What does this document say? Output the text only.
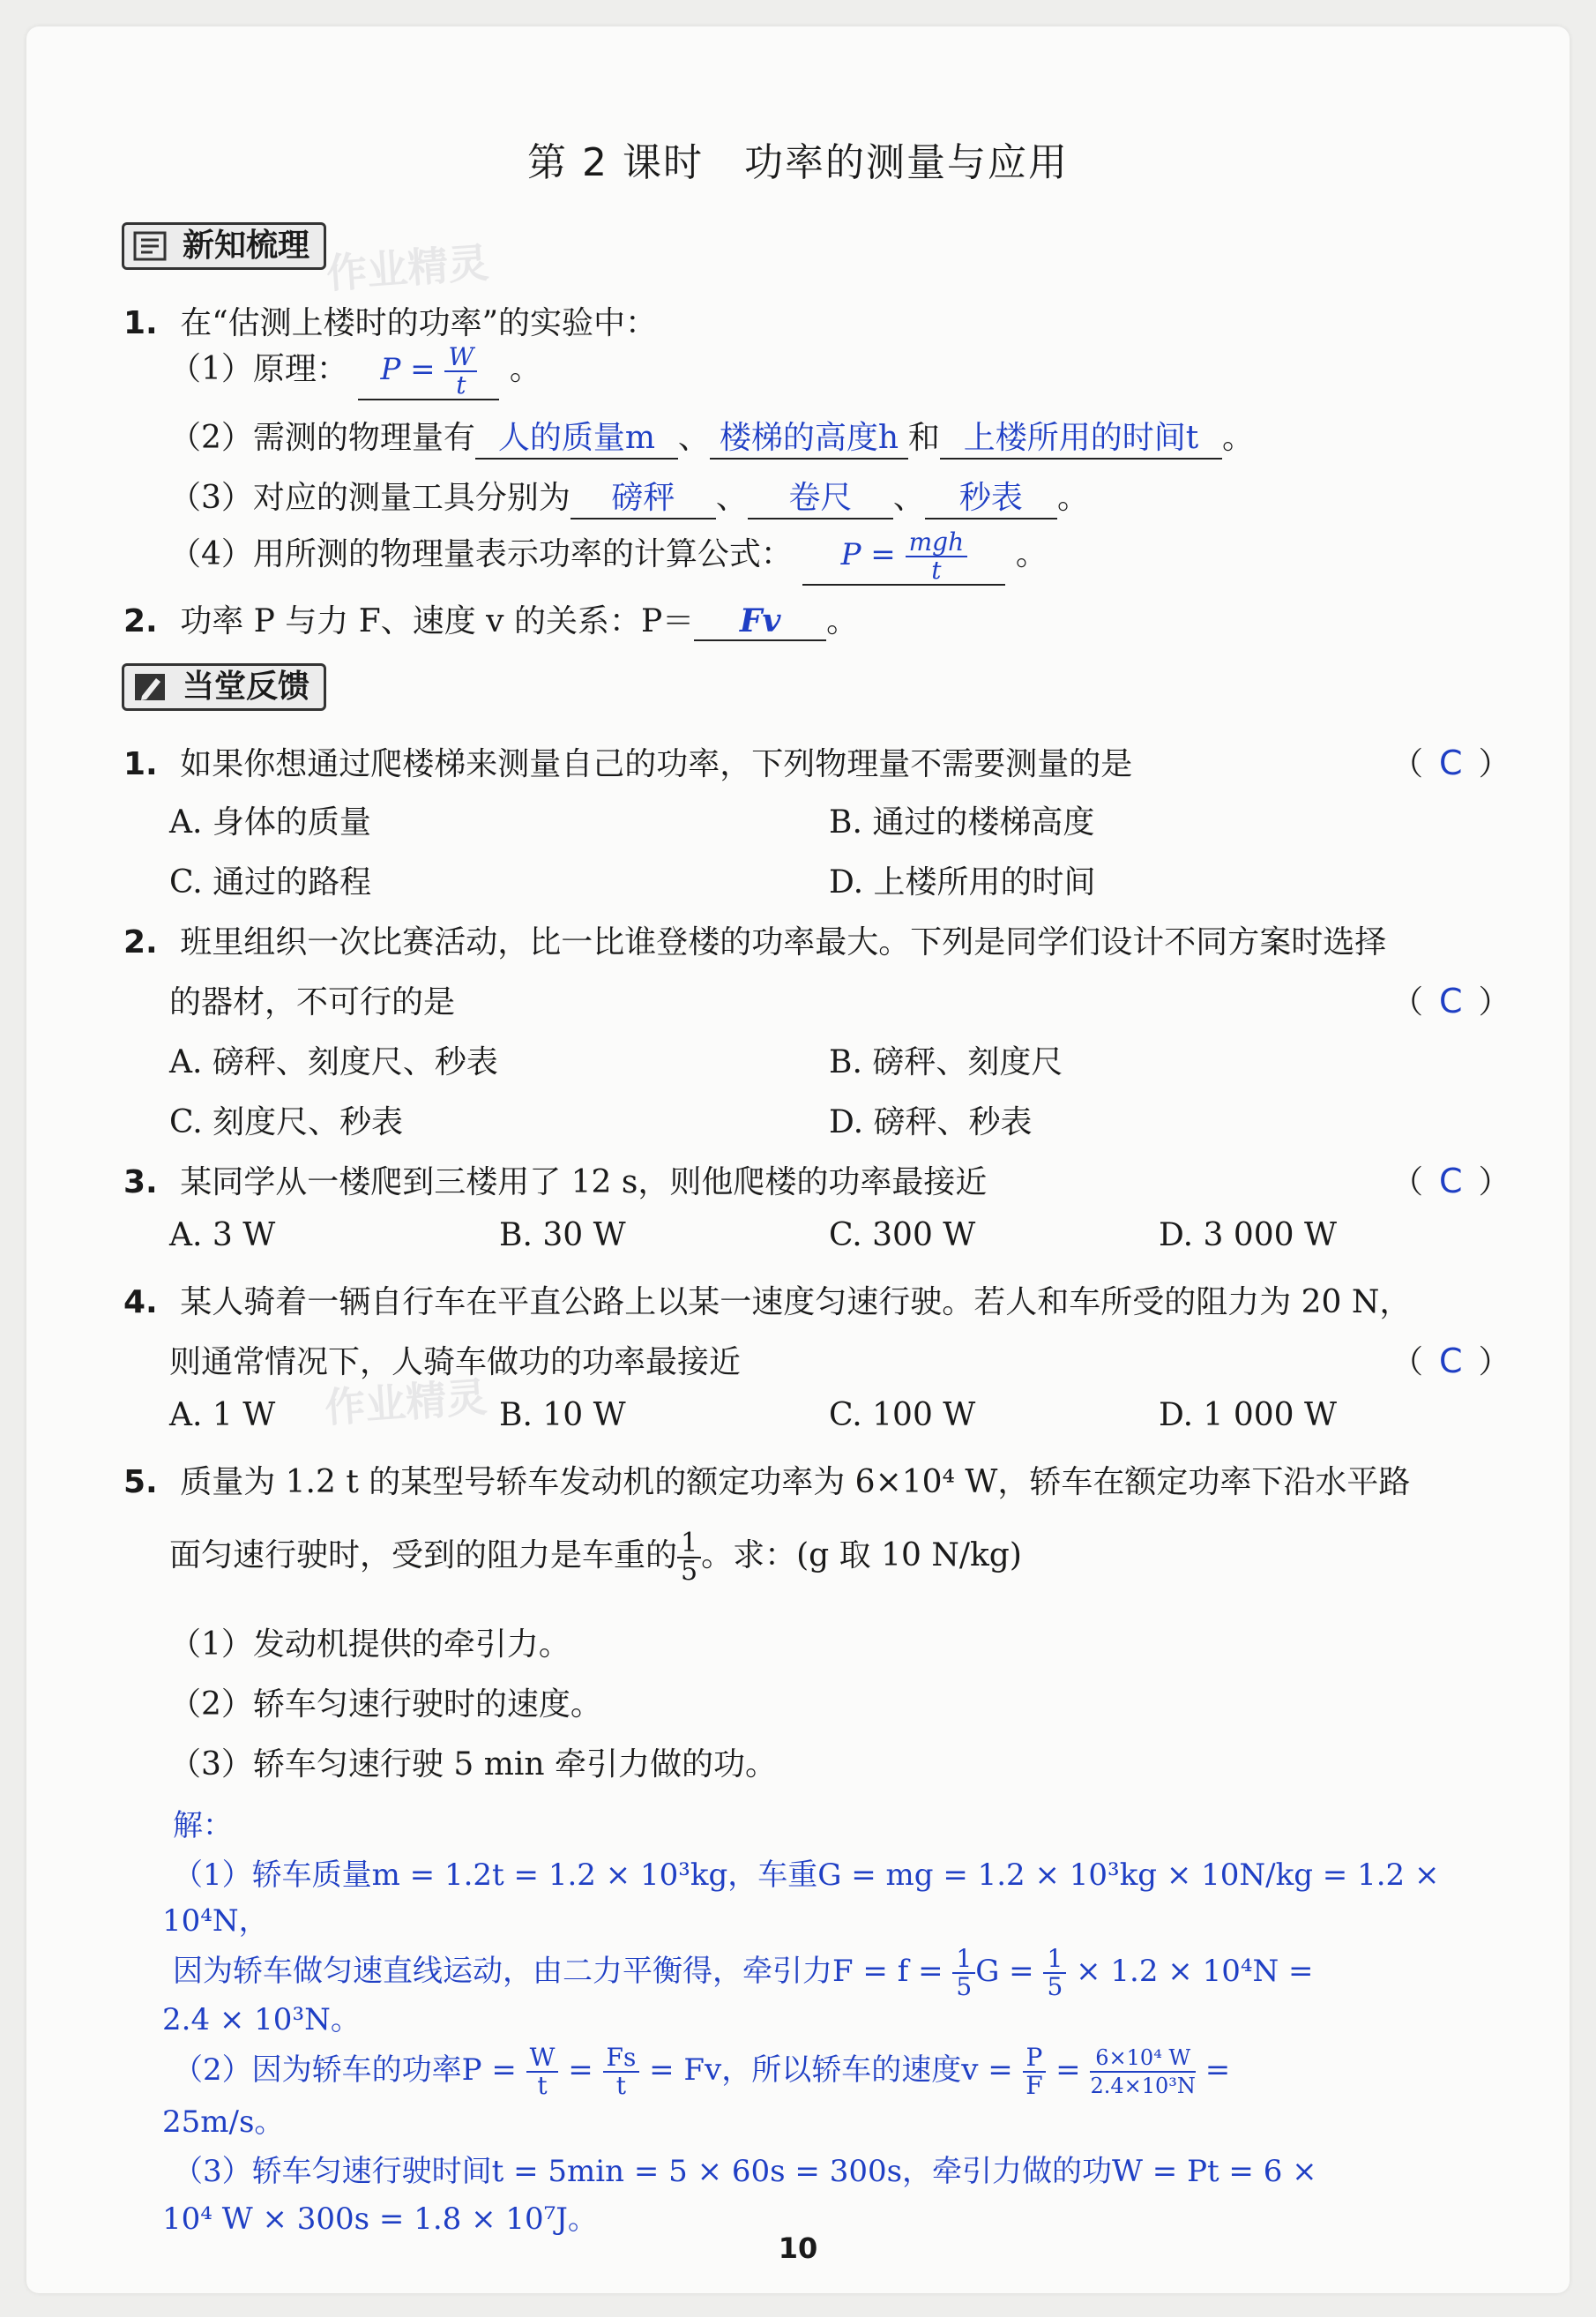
第 2 课时　功率的测量与应用
新知梳理 作业精灵
1. 在“估测上楼时的功率”的实验中：
（1）原理： $P = \frac{W}{t}$ 。
（2）需测的物理量有 人的质量m 、 楼梯的高度h 和 上楼所用的时间t 。
（3）对应的测量工具分别为 磅秤 、 卷尺 、 秒表 。
（4）用所测的物理量表示功率的计算公式： $P = \frac{\text{mgh}}{t}$ 。
2. 功率 P 与力 F、速度 v 的关系：P＝ Fv 。
当堂反馈
1. 如果你想通过爬楼梯来测量自己的功率，下列物理量不需要测量的是	（ C ）
A. 身体的质量	B. 通过的楼梯高度
C. 通过的路程	D. 上楼所用的时间
2. 班里组织一次比赛活动，比一比谁登楼的功率最大。下列是同学们设计不同方案时选择
的器材，不可行的是	（ C ）
A. 磅秤、刻度尺、秒表	B. 磅秤、刻度尺
C. 刻度尺、秒表	D. 磅秤、秒表
3. 某同学从一楼爬到三楼用了 12 s，则他爬楼的功率最接近	（ C ）
A. 3 W	B. 30 W	C. 300 W	D. 3 000 W
4. 某人骑着一辆自行车在平直公路上以某一速度匀速行驶。若人和车所受的阻力为 20 N，
则通常情况下，人骑车做功的功率最接近	（ C ）
A. 1 W	B. 10 W	C. 100 W	D. 1 000 W
作业精灵
5. 质量为 1.2 t 的某型号轿车发动机的额定功率为 6×10⁴ W，轿车在额定功率下沿水平路
面匀速行驶时，受到的阻力是车重的 $\frac{1}{5}$ 。求：(g 取 10 N/kg)
（1）发动机提供的牵引力。
（2）轿车匀速行驶时的速度。
（3）轿车匀速行驶 5 min 牵引力做的功。
解：
（1）轿车质量m = 1.2t = 1.2 × 10³kg，车重G = mg = 1.2 × 10³kg × 10N/kg = 1.2 ×
10⁴N，
因为轿车做匀速直线运动，由二力平衡得，牵引力$F = f = \frac{1}{5}$ $G = \frac{1}{5} \times 1.2 \times 10^4N$ =
2.4 × 10³N。
（2）因为轿车的功率$P = \frac{W}{t} = \frac{Fs}{t} = Fv$，所以轿车的速度$v = \frac{P}{F} = \frac{\text{6×10⁴ W}}{\text{2.4×10³N}}$ =
25m/s。
（3）轿车匀速行驶时间t = 5min = 5 × 60s = 300s，牵引力做的功W = Pt = 6 ×
10⁴ W × 300s = 1.8 × 10⁷J。
10
